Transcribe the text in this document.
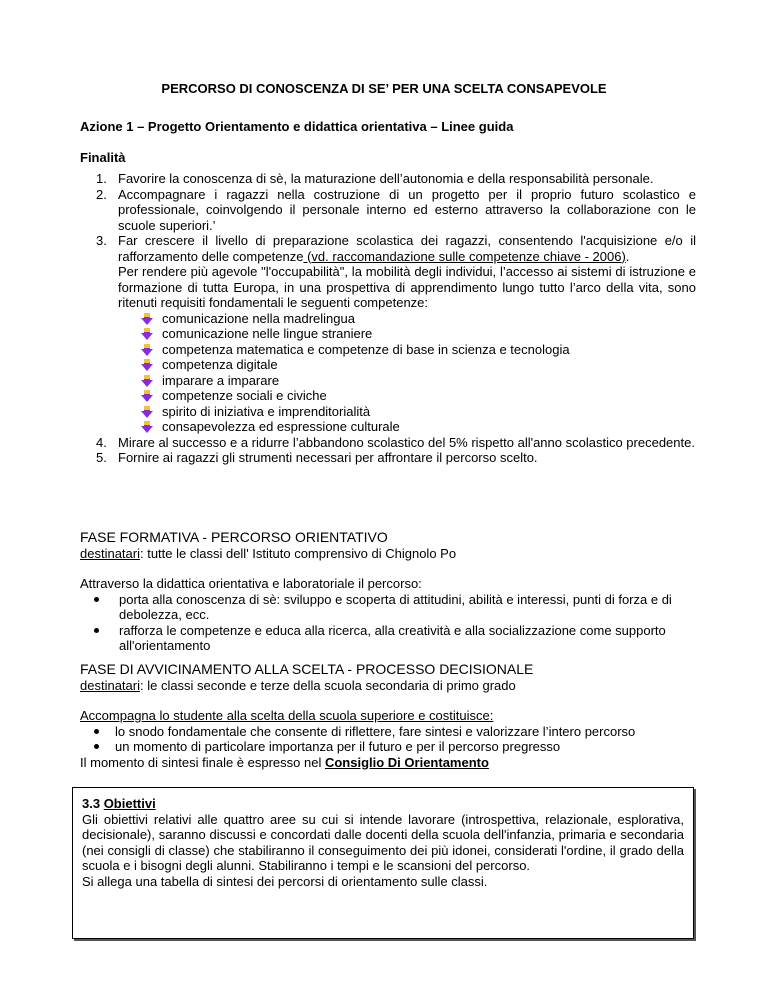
PERCORSO DI CONOSCENZA DI SE’ PER UNA SCELTA CONSAPEVOLE

Azione 1 – Progetto Orientamento e didattica orientativa – Linee guida

Finalità

1. Favorire la conoscenza di sè, la maturazione dell’autonomia e della responsabilità personale.
2. Accompagnare i ragazzi nella costruzione di un progetto per il proprio futuro scolastico e professionale, coinvolgendo il personale interno ed esterno attraverso la collaborazione con le scuole superiori.’
3. Far crescere il livello di preparazione scolastica dei ragazzi, consentendo l'acquisizione e/o il rafforzamento delle competenze (vd. raccomandazione sulle competenze chiave - 2006).
Per rendere più agevole "l'occupabilità", la mobilità degli individui, l’accesso ai sistemi di istruzione e formazione di tutta Europa, in una prospettiva di apprendimento lungo tutto l’arco della vita, sono ritenuti requisiti fondamentali le seguenti competenze:
comunicazione nella madrelingua
comunicazione nelle lingue straniere
competenza matematica e competenze di base in scienza e tecnologia
competenza digitale
imparare a imparare
competenze sociali e civiche
spirito di iniziativa e imprenditorialità
consapevolezza ed espressione culturale
4. Mirare al successo e a ridurre l’abbandono scolastico del 5% rispetto all'anno scolastico precedente.
5. Fornire ai ragazzi gli strumenti necessari per affrontare il percorso scelto.
FASE FORMATIVA - PERCORSO ORIENTATIVO
destinatari: tutte le classi dell' Istituto comprensivo di Chignolo Po
Attraverso la didattica orientativa e laboratoriale il percorso:
porta alla conoscenza di sè: sviluppo e scoperta di attitudini, abilità e interessi, punti di forza e di debolezza, ecc.
rafforza le competenze e educa alla ricerca, alla creatività e alla socializzazione come supporto all'orientamento
FASE DI AVVICINAMENTO ALLA SCELTA - PROCESSO DECISIONALE
destinatari: le classi seconde e terze della scuola secondaria di primo grado
Accompagna lo studente alla scelta della scuola superiore e costituisce:
lo snodo fondamentale che consente di riflettere, fare sintesi e valorizzare l’intero percorso
un momento di particolare importanza per il futuro e per il percorso pregresso
Il momento di sintesi finale è espresso nel Consiglio Di Orientamento
3.3 Obiettivi
Gli obiettivi relativi alle quattro aree su cui si intende lavorare (introspettiva, relazionale, esplorativa, decisionale), saranno discussi e concordati dalle docenti della scuola dell'infanzia, primaria e secondaria (nei consigli di classe) che stabiliranno il conseguimento dei più idonei, considerati l'ordine, il grado della scuola e i bisogni degli alunni. Stabiliranno i tempi e le scansioni del percorso.
Si allega una tabella di sintesi dei percorsi di orientamento sulle classi.
